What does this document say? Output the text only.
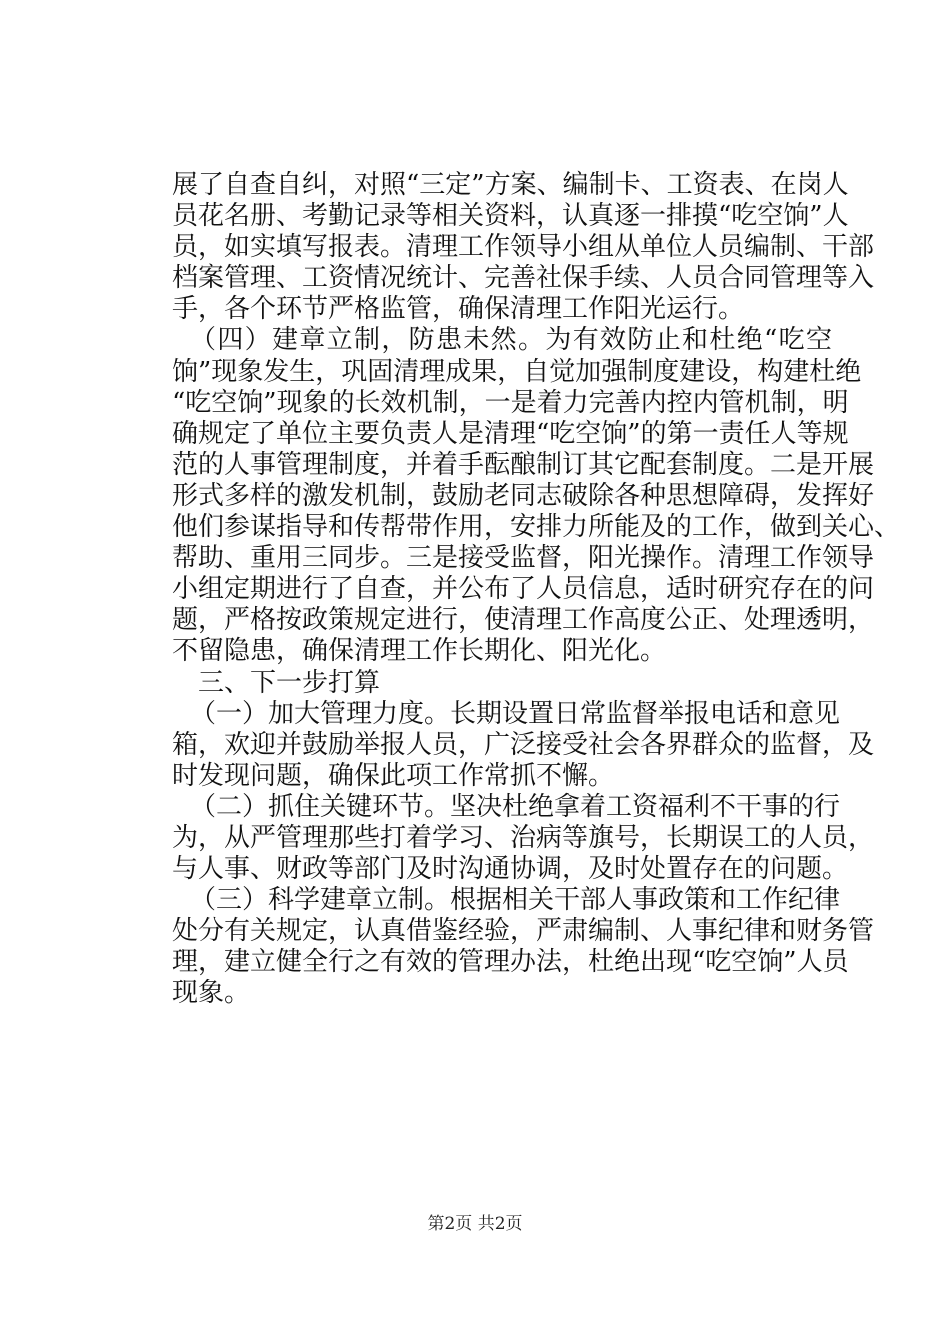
展了自查自纠，对照“三定”方案、编制卡、工资表、在岗人
员花名册、考勤记录等相关资料，认真逐一排摸“吃空饷”人
员，如实填写报表。清理工作领导小组从单位人员编制、干部
档案管理、工资情况统计、完善社保手续、人员合同管理等入
手，各个环节严格监管，确保清理工作阳光运行。
（四）建章立制，防患未然。为有效防止和杜绝“吃空
饷”现象发生，巩固清理成果，自觉加强制度建设，构建杜绝
“吃空饷”现象的长效机制，一是着力完善内控内管机制，明
确规定了单位主要负责人是清理“吃空饷”的第一责任人等规
范的人事管理制度，并着手酝酿制订其它配套制度。二是开展
形式多样的激发机制，鼓励老同志破除各种思想障碍，发挥好
他们参谋指导和传帮带作用，安排力所能及的工作，做到关心、
帮助、重用三同步。三是接受监督，阳光操作。清理工作领导
小组定期进行了自查，并公布了人员信息，适时研究存在的问
题，严格按政策规定进行，使清理工作高度公正、处理透明，
不留隐患，确保清理工作长期化、阳光化。
三、下一步打算
（一）加大管理力度。长期设置日常监督举报电话和意见
箱，欢迎并鼓励举报人员，广泛接受社会各界群众的监督，及
时发现问题，确保此项工作常抓不懈。
（二）抓住关键环节。坚决杜绝拿着工资福利不干事的行
为，从严管理那些打着学习、治病等旗号，长期误工的人员，
与人事、财政等部门及时沟通协调，及时处置存在的问题。
（三）科学建章立制。根据相关干部人事政策和工作纪律
处分有关规定，认真借鉴经验，严肃编制、人事纪律和财务管
理，建立健全行之有效的管理办法，杜绝出现“吃空饷”人员
现象。
第2页 共2页
